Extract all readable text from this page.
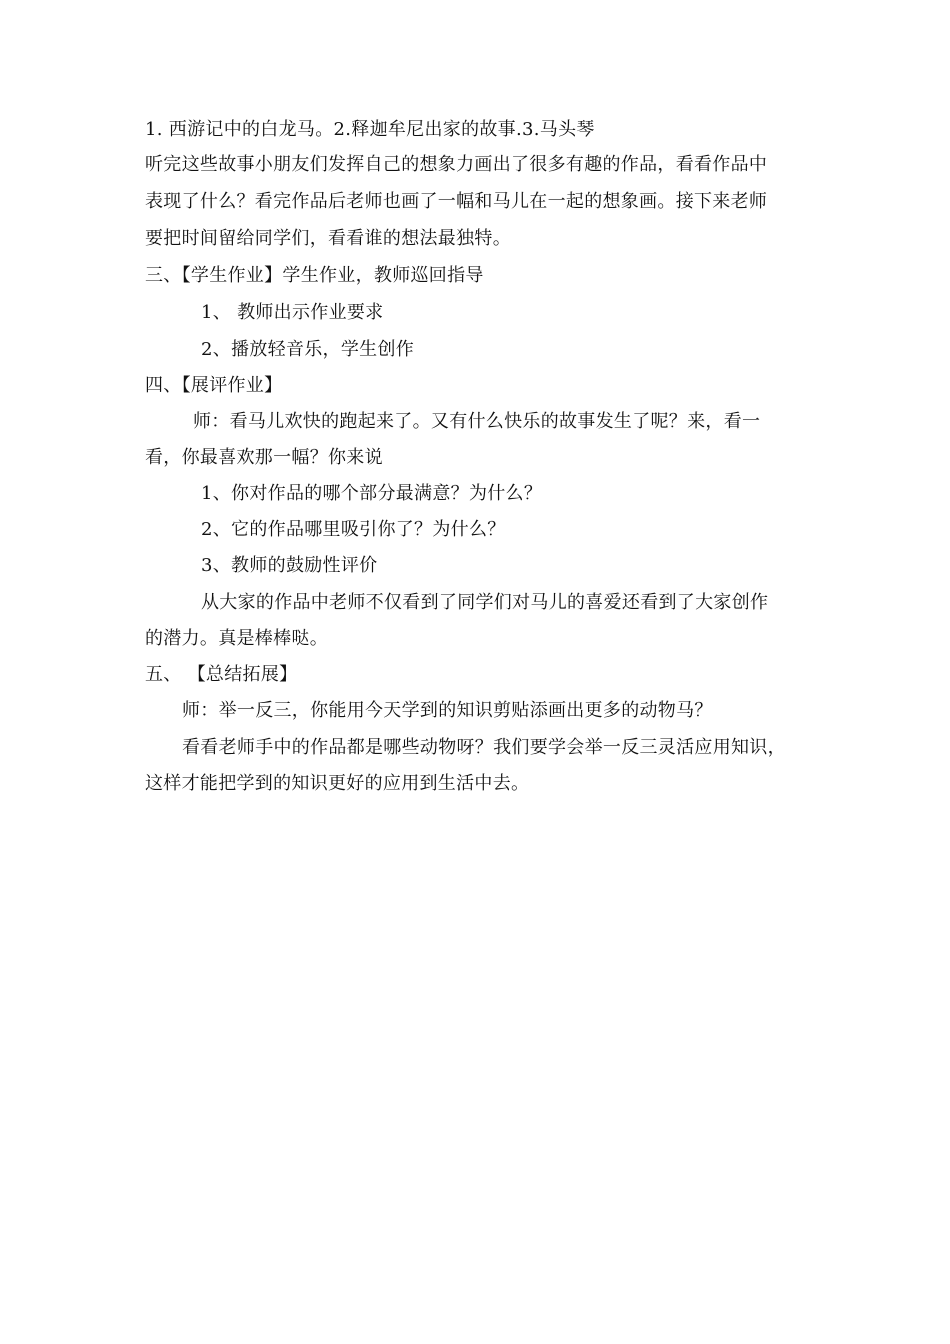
1. 西游记中的白龙马。2.释迦牟尼出家的故事.3.马头琴
听完这些故事小朋友们发挥自己的想象力画出了很多有趣的作品，看看作品中
表现了什么？看完作品后老师也画了一幅和马儿在一起的想象画。接下来老师
要把时间留给同学们，看看谁的想法最独特。
三、【学生作业】学生作业，教师巡回指导
1、 教师出示作业要求
2、播放轻音乐，学生创作
四、【展评作业】
师：看马儿欢快的跑起来了。又有什么快乐的故事发生了呢？来，看一
看，你最喜欢那一幅？你来说
1、你对作品的哪个部分最满意？为什么？
2、它的作品哪里吸引你了？为什么？
3、教师的鼓励性评价
从大家的作品中老师不仅看到了同学们对马儿的喜爱还看到了大家创作
的潜力。真是棒棒哒。
五、 【总结拓展】
师：举一反三，你能用今天学到的知识剪贴添画出更多的动物马？
看看老师手中的作品都是哪些动物呀？我们要学会举一反三灵活应用知识，
这样才能把学到的知识更好的应用到生活中去。
